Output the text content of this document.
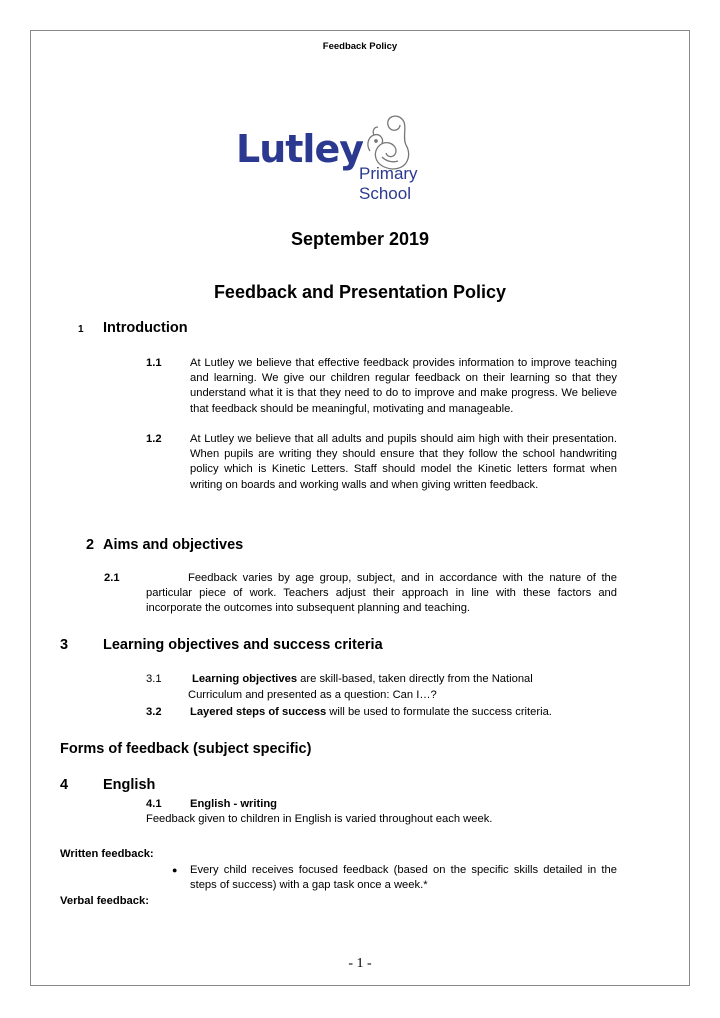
Feedback Policy
Lutley
Primary School
September 2019
Feedback and Presentation Policy
1 Introduction
1.1	At Lutley we believe that effective feedback provides information to improve teaching and learning. We give our children regular feedback on their learning so that they understand what it is that they need to do to improve and make progress. We believe that feedback should be meaningful, motivating and manageable.
1.2	At Lutley we believe that all adults and pupils should aim high with their presentation. When pupils are writing they should ensure that they follow the school handwriting policy which is Kinetic Letters. Staff should model the Kinetic letters format when writing on boards and working walls and when giving written feedback.
2 Aims and objectives
2.1	Feedback varies by age group, subject, and in accordance with the nature of the particular piece of work. Teachers adjust their approach in line with these factors and incorporate the outcomes into subsequent planning and teaching.
3 Learning objectives and success criteria
3.1	Learning objectives are skill-based, taken directly from the National
Curriculum and presented as a question: Can I…?
3.2	Layered steps of success will be used to formulate the success criteria.
Forms of feedback (subject specific)
4 English
4.1	English - writing
Feedback given to children in English is varied throughout each week.
Written feedback:
● Every child receives focused feedback (based on the specific skills detailed in the steps of success) with a gap task once a week.*
Verbal feedback:
- 1 -
